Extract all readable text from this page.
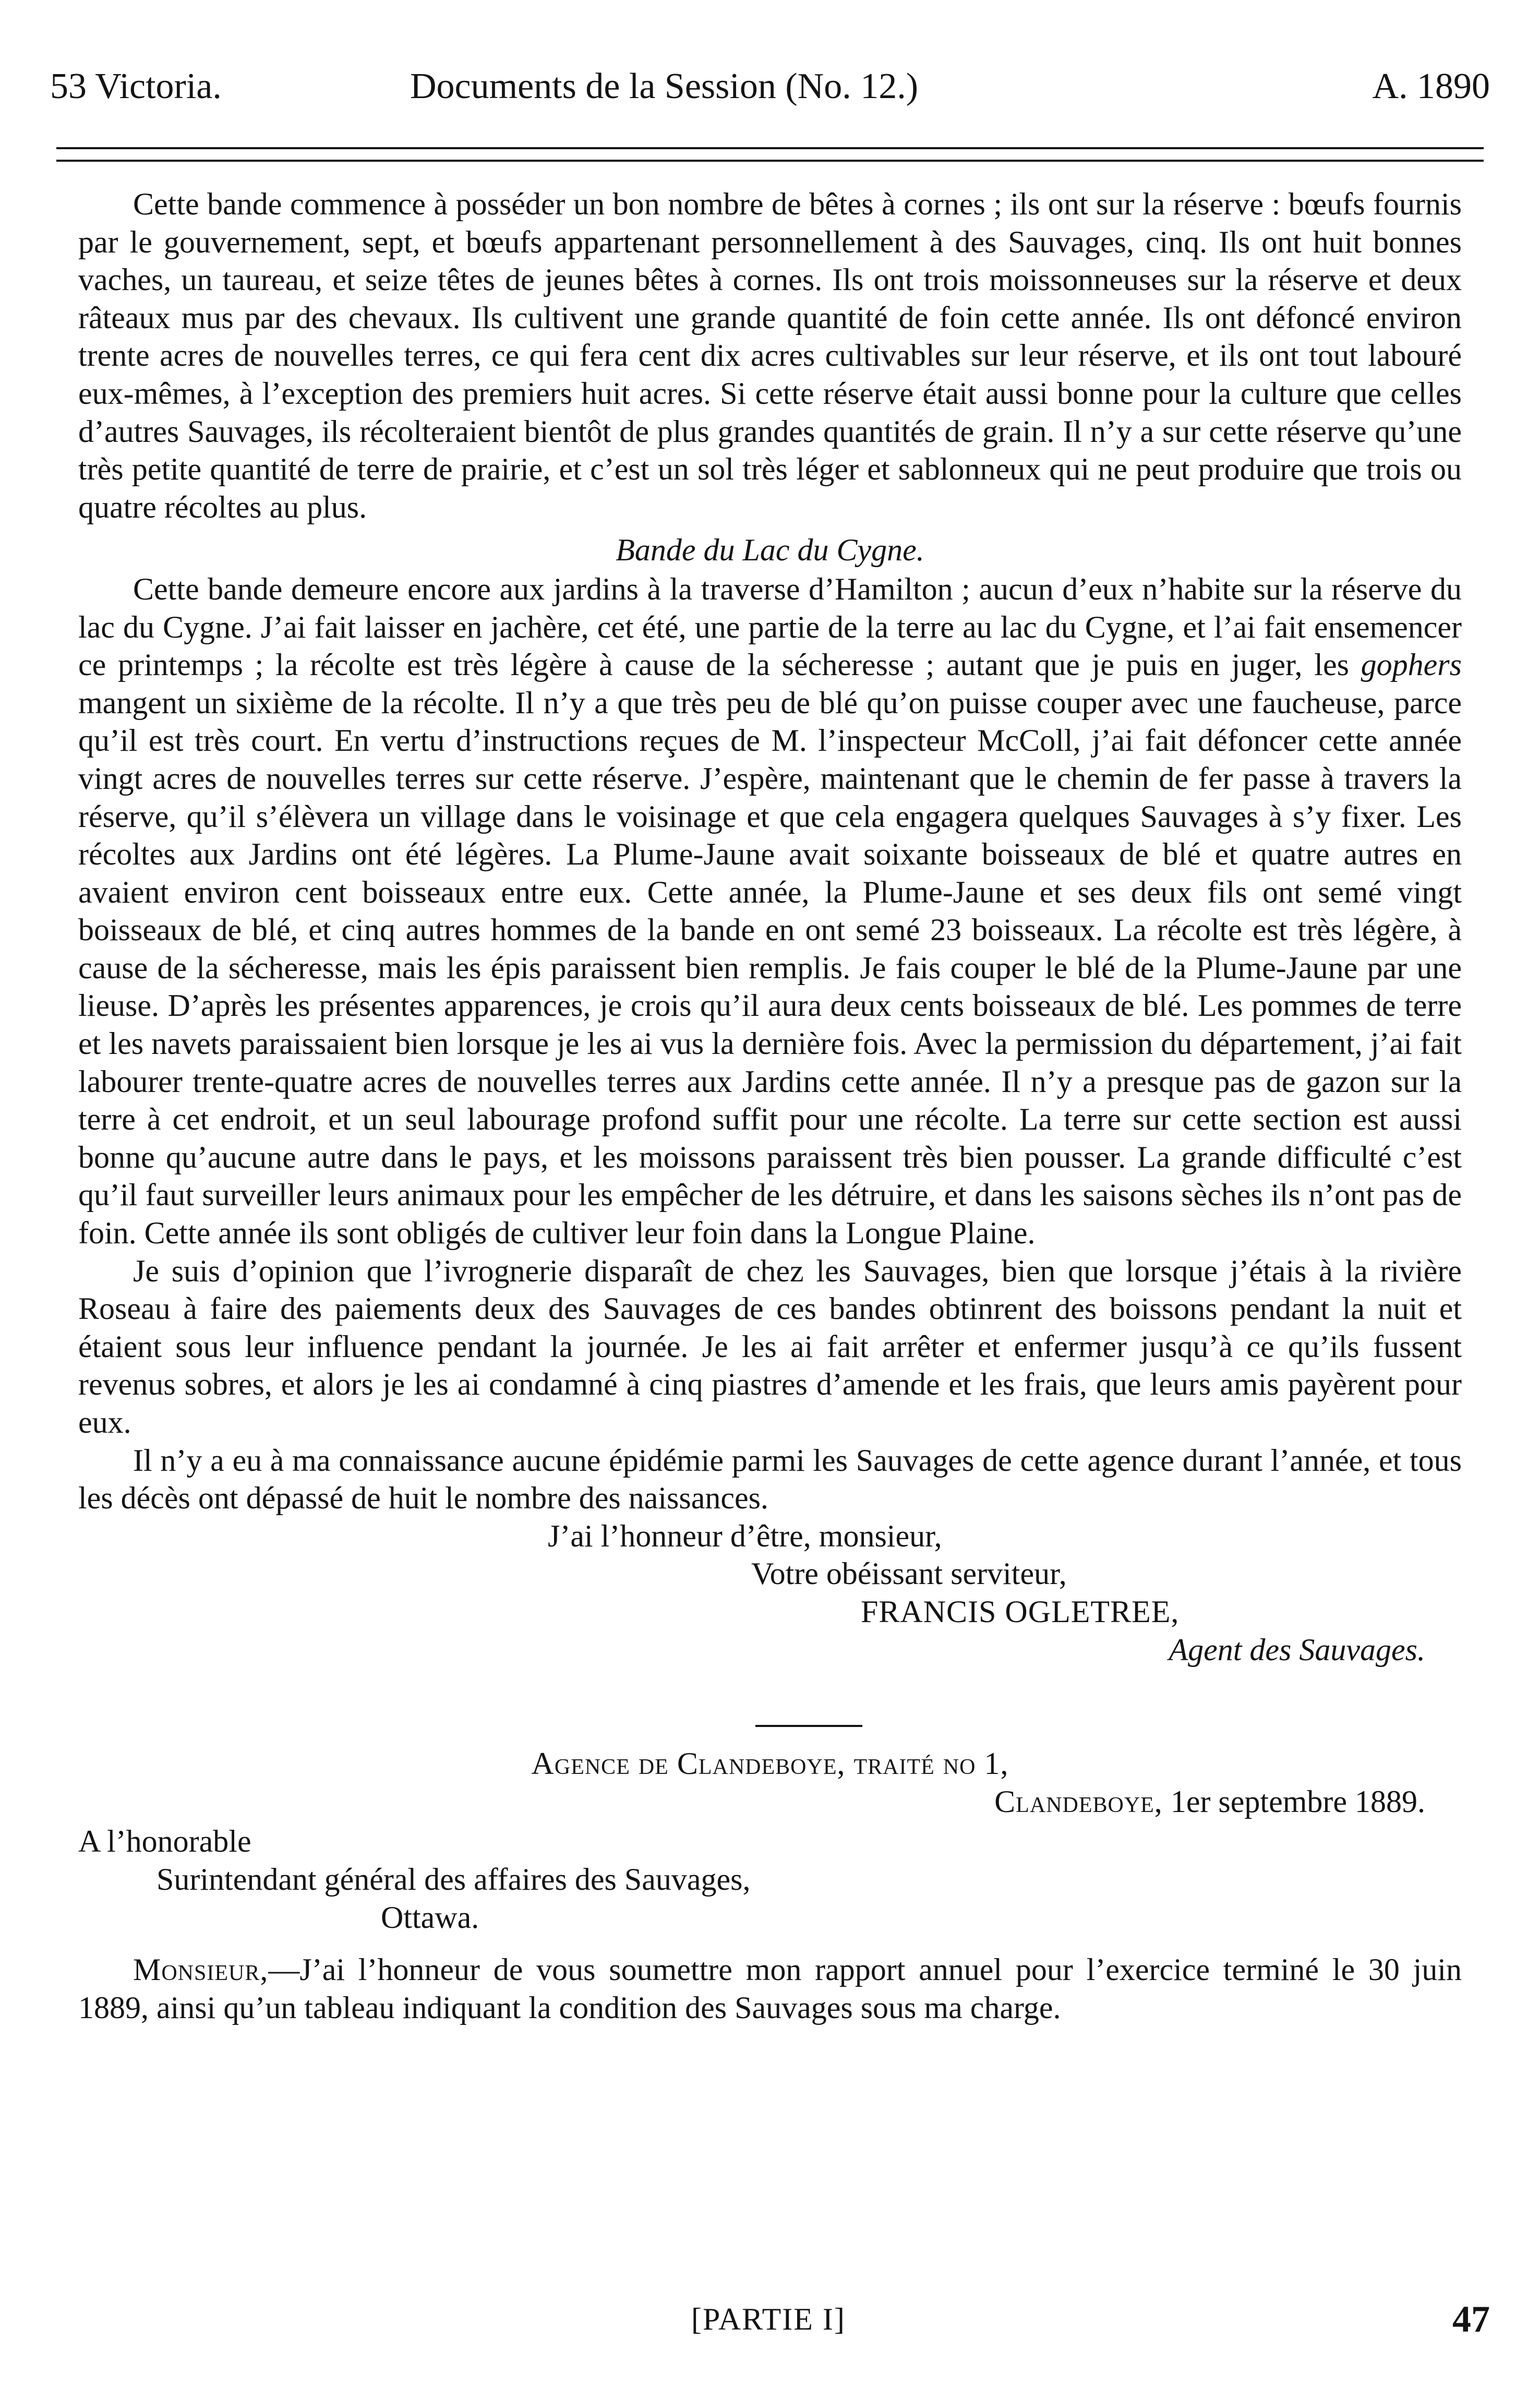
53 Victoria.	Documents de la Session (No. 12.)	A. 1890

Cette bande commence à posséder un bon nombre de bêtes à cornes ; ils ont sur la réserve : bœufs fournis par le gouvernement, sept, et bœufs appartenant personnellement à des Sauvages, cinq. Ils ont huit bonnes vaches, un taureau, et seize têtes de jeunes bêtes à cornes. Ils ont trois moissonneuses sur la réserve et deux râteaux mus par des chevaux. Ils cultivent une grande quantité de foin cette année. Ils ont défoncé environ trente acres de nouvelles terres, ce qui fera cent dix acres cultivables sur leur réserve, et ils ont tout labouré eux-mêmes, à l’exception des premiers huit acres. Si cette réserve était aussi bonne pour la culture que celles d’autres Sauvages, ils récolteraient bientôt de plus grandes quantités de grain. Il n’y a sur cette réserve qu’une très petite quantité de terre de prairie, et c’est un sol très léger et sablonneux qui ne peut produire que trois ou quatre récoltes au plus.

Bande du Lac du Cygne.

Cette bande demeure encore aux jardins à la traverse d’Hamilton ; aucun d’eux n’habite sur la réserve du lac du Cygne. J’ai fait laisser en jachère, cet été, une partie de la terre au lac du Cygne, et l’ai fait ensemencer ce printemps ; la récolte est très légère à cause de la sécheresse ; autant que je puis en juger, les gophers mangent un sixième de la récolte. Il n’y a que très peu de blé qu’on puisse couper avec une faucheuse, parce qu’il est très court. En vertu d’instructions reçues de M. l’inspecteur McColl, j’ai fait défoncer cette année vingt acres de nouvelles terres sur cette réserve. J’espère, maintenant que le chemin de fer passe à travers la réserve, qu’il s’élèvera un village dans le voisinage et que cela engagera quelques Sauvages à s’y fixer. Les récoltes aux Jardins ont été légères. La Plume-Jaune avait soixante boisseaux de blé et quatre autres en avaient environ cent boisseaux entre eux. Cette année, la Plume-Jaune et ses deux fils ont semé vingt boisseaux de blé, et cinq autres hommes de la bande en ont semé 23 boisseaux. La récolte est très légère, à cause de la sécheresse, mais les épis paraissent bien remplis. Je fais couper le blé de la Plume-Jaune par une lieuse. D’après les présentes apparences, je crois qu’il aura deux cents boisseaux de blé. Les pommes de terre et les navets paraissaient bien lorsque je les ai vus la dernière fois. Avec la permission du département, j’ai fait labourer trente-quatre acres de nouvelles terres aux Jardins cette année. Il n’y a presque pas de gazon sur la terre à cet endroit, et un seul labourage profond suffit pour une récolte. La terre sur cette section est aussi bonne qu’aucune autre dans le pays, et les moissons paraissent très bien pousser. La grande difficulté c’est qu’il faut surveiller leurs animaux pour les empêcher de les détruire, et dans les saisons sèches ils n’ont pas de foin. Cette année ils sont obligés de cultiver leur foin dans la Longue Plaine.

Je suis d’opinion que l’ivrognerie disparaît de chez les Sauvages, bien que lorsque j’étais à la rivière Roseau à faire des paiements deux des Sauvages de ces bandes obtinrent des boissons pendant la nuit et étaient sous leur influence pendant la journée. Je les ai fait arrêter et enfermer jusqu’à ce qu’ils fussent revenus sobres, et alors je les ai condamné à cinq piastres d’amende et les frais, que leurs amis payèrent pour eux.

Il n’y a eu à ma connaissance aucune épidémie parmi les Sauvages de cette agence durant l’année, et tous les décès ont dépassé de huit le nombre des naissances.

J’ai l’honneur d’être, monsieur,
Votre obéissant serviteur,
FRANCIS OGLETREE,
Agent des Sauvages.

Agence de Clandeboye, traité no 1,

Clandeboye, 1er septembre 1889.

A l’honorable

Surintendant général des affaires des Sauvages,

Ottawa.

Monsieur,—J’ai l’honneur de vous soumettre mon rapport annuel pour l’exercice terminé le 30 juin 1889, ainsi qu’un tableau indiquant la condition des Sauvages sous ma charge.

[PARTIE I]	47
